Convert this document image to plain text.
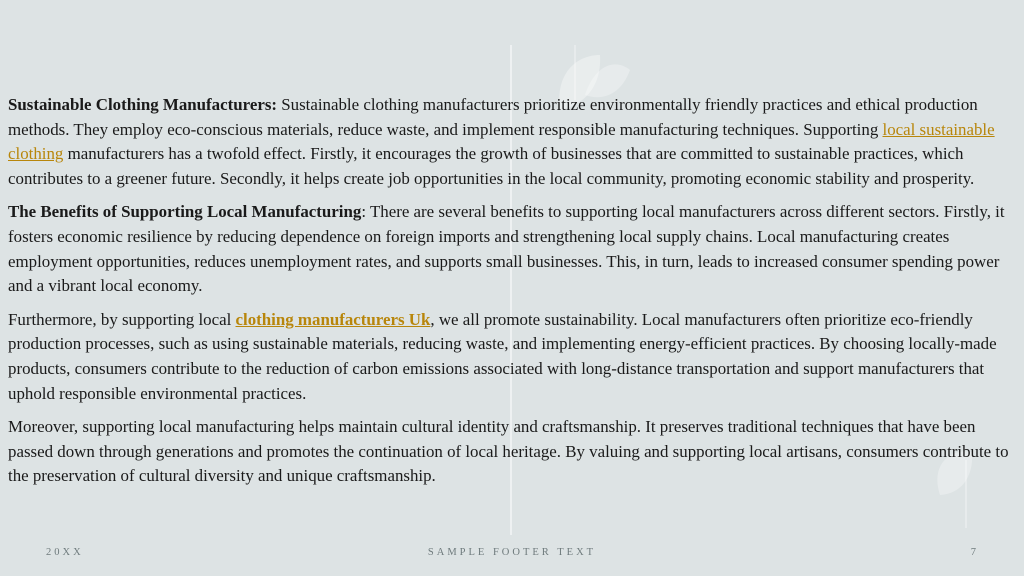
Sustainable Clothing Manufacturers: Sustainable clothing manufacturers prioritize environmentally friendly practices and ethical production methods. They employ eco-conscious materials, reduce waste, and implement responsible manufacturing techniques. Supporting local sustainable clothing manufacturers has a twofold effect. Firstly, it encourages the growth of businesses that are committed to sustainable practices, which contributes to a greener future. Secondly, it helps create job opportunities in the local community, promoting economic stability and prosperity.

The Benefits of Supporting Local Manufacturing: There are several benefits to supporting local manufacturers across different sectors. Firstly, it fosters economic resilience by reducing dependence on foreign imports and strengthening local supply chains. Local manufacturing creates employment opportunities, reduces unemployment rates, and supports small businesses. This, in turn, leads to increased consumer spending power and a vibrant local economy.

Furthermore, by supporting local clothing manufacturers Uk, we all promote sustainability. Local manufacturers often prioritize eco-friendly production processes, such as using sustainable materials, reducing waste, and implementing energy-efficient practices. By choosing locally-made products, consumers contribute to the reduction of carbon emissions associated with long-distance transportation and support manufacturers that uphold responsible environmental practices.

Moreover, supporting local manufacturing helps maintain cultural identity and craftsmanship. It preserves traditional techniques that have been passed down through generations and promotes the continuation of local heritage. By valuing and supporting local artisans, consumers contribute to the preservation of cultural diversity and unique craftsmanship.

20XX	SAMPLE FOOTER TEXT	7
